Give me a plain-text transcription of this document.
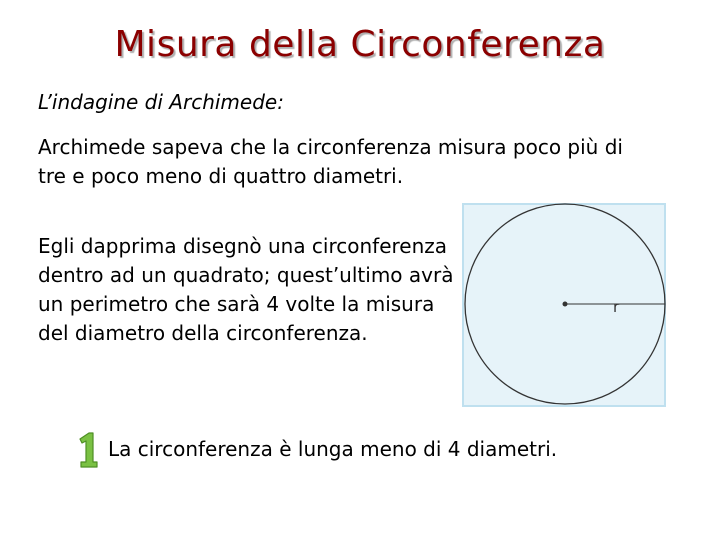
Misura della Circonferenza
L’indagine di Archimede:
Archimede sapeva che la circonferenza misura poco più di tre e poco meno di quattro diametri.
Egli dapprima disegnò una circonferenza dentro ad un quadrato; quest’ultimo avrà un perimetro che sarà 4 volte la misura del diametro della circonferenza.
r
La circonferenza è lunga meno di 4 diametri.
